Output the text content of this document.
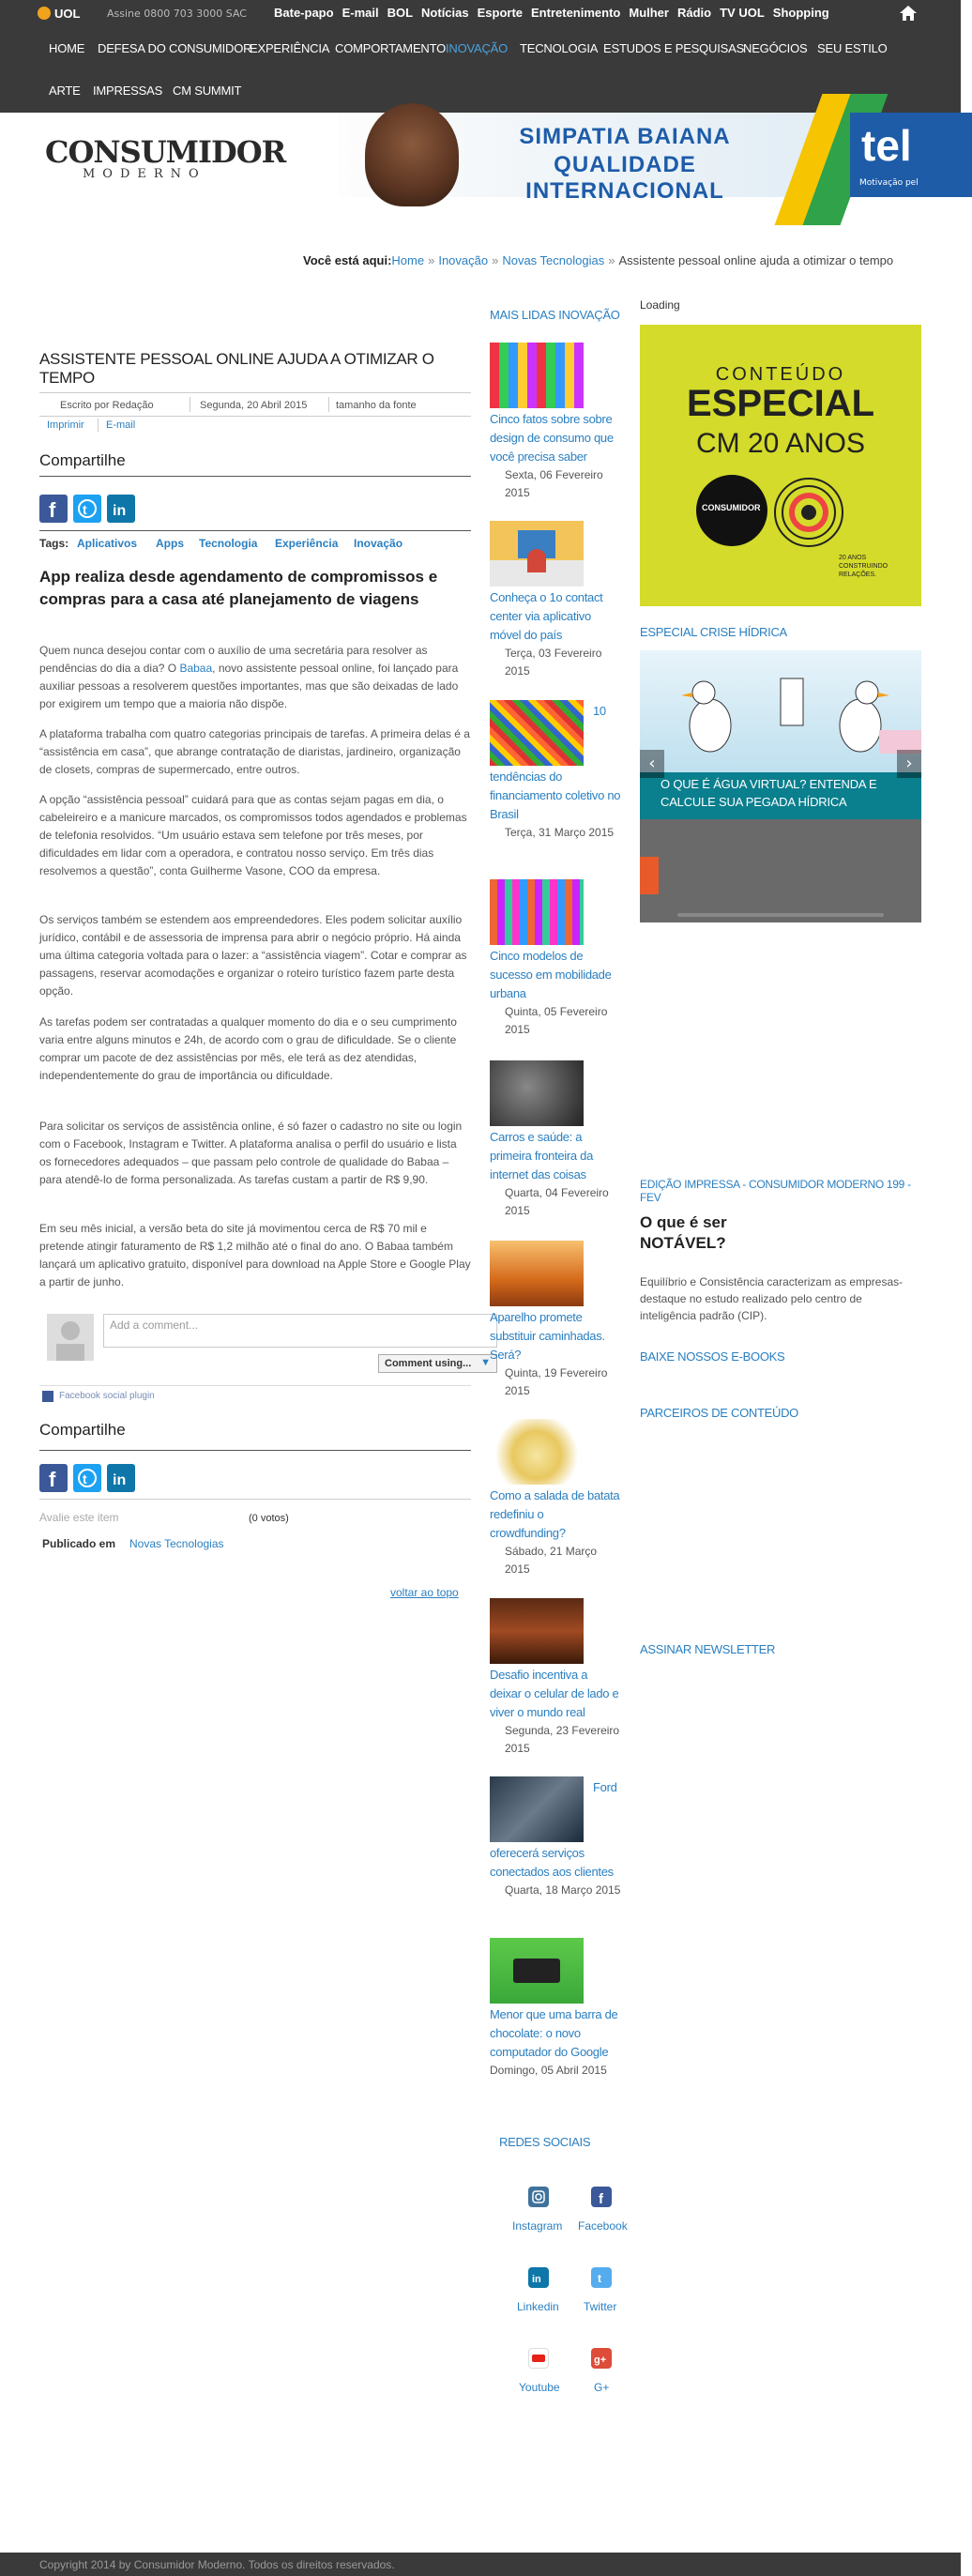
UOL	Assine 0800 703 3000 SAC Bate-papo E-mail BOL Notícias Esporte Entretenimento Mulher Rádio TV UOL Shopping
HOME DEFESA DO CONSUMIDOR
EXPERIÊNCIA COMPORTAMENTO INOVAÇÃO TECNOLOGIA ESTUDOS E PESQUISAS
NEGÓCIOS SEU ESTILO
ARTE IMPRESSAS CM SUMMIT
CONSUMIDOR
MODERNO
SIMPATIA BAIANA
QUALIDADE INTERNACIONAL
tel
Motivação pel
Você está aqui:Home » Inovação » Novas Tecnologias » Assistente pessoal online ajuda a otimizar o tempo
ASSISTENTE PESSOAL ONLINE AJUDA A OTIMIZAR O TEMPO
Escrito por Redação	Segunda, 20 Abril 2015	tamanho da fonte
Imprimir E-mail
Compartilhe
f t in
Tags: Aplicativos Apps Tecnologia Experiência Inovação
App realiza desde agendamento de compromissos e compras para a casa até planejamento de viagens
Quem nunca desejou contar com o auxílio de uma secretária para resolver as pendências do dia a dia? O Babaa, novo assistente pessoal online, foi lançado para auxiliar pessoas a resolverem questões importantes, mas que são deixadas de lado por exigirem um tempo que a maioria não dispõe.
A plataforma trabalha com quatro categorias principais de tarefas. A primeira delas é a “assistência em casa”, que abrange contratação de diaristas, jardineiro, organização de closets, compras de supermercado, entre outros.
A opção “assistência pessoal” cuidará para que as contas sejam pagas em dia, o cabeleireiro e a manicure marcados, os compromissos todos agendados e problemas de telefonia resolvidos. “Um usuário estava sem telefone por três meses, por dificuldades em lidar com a operadora, e contratou nosso serviço. Em três dias resolvemos a questão”, conta Guilherme Vasone, COO da empresa.
Os serviços também se estendem aos empreendedores. Eles podem solicitar auxílio jurídico, contábil e de assessoria de imprensa para abrir o negócio próprio. Há ainda uma última categoria voltada para o lazer: a “assistência viagem”. Cotar e comprar as passagens, reservar acomodações e organizar o roteiro turístico fazem parte desta opção.
As tarefas podem ser contratadas a qualquer momento do dia e o seu cumprimento varia entre alguns minutos e 24h, de acordo com o grau de dificuldade. Se o cliente comprar um pacote de dez assistências por mês, ele terá as dez atendidas, independentemente do grau de importância ou dificuldade.
Para solicitar os serviços de assistência online, é só fazer o cadastro no site ou login com o Facebook, Instagram e Twitter. A plataforma analisa o perfil do usuário e lista os fornecedores adequados – que passam pelo controle de qualidade do Babaa – para atendê-lo de forma personalizada. As tarefas custam a partir de R$ 9,90.
Em seu mês inicial, a versão beta do site já movimentou cerca de R$ 70 mil e pretende atingir faturamento de R$ 1,2 milhão até o final do ano. O Babaa também lançará um aplicativo gratuito, disponível para download na Apple Store e Google Play a partir de junho.
Add a comment...
Comment using... ▼
Facebook social plugin
Compartilhe
f t in
Avalie este item	(0 votos)
Publicado em Novas Tecnologias
voltar ao topo
MAIS LIDAS INOVAÇÃO
Cinco fatos sobre sobre design de consumo que você precisa saber
Sexta, 06 Fevereiro 2015
Conheça o 1o contact center via aplicativo móvel do país
Terça, 03 Fevereiro 2015
10
tendências do financiamento coletivo no Brasil
Terça, 31 Março 2015
Cinco modelos de sucesso em mobilidade urbana
Quinta, 05 Fevereiro 2015
Carros e saúde: a primeira fronteira da internet das coisas
Quarta, 04 Fevereiro 2015
Aparelho promete substituir caminhadas. Será?
Quinta, 19 Fevereiro 2015
Como a salada de batata redefiniu o crowdfunding?
Sábado, 21 Março 2015
Desafio incentiva a deixar o celular de lado e viver o mundo real
Segunda, 23 Fevereiro 2015
Ford
oferecerá serviços conectados aos clientes
Quarta, 18 Março 2015
Menor que uma barra de chocolate: o novo computador do Google
Domingo, 05 Abril 2015
REDES SOCIAIS
f
Instagram Facebook
in	t
Linkedin Twitter
g+
Youtube	G+
Loading
CONTEÚDO
ESPECIAL
CM 20 ANOS
CONSUMIDOR
20 ANOS CONSTRUINDO RELAÇÕES.
ESPECIAL CRISE HÍDRICA
O QUE É ÁGUA VIRTUAL? ENTENDA E CALCULE SUA PEGADA HÍDRICA
‹	›
EDIÇÃO IMPRESSA - CONSUMIDOR MODERNO 199 - FEV
O que é ser NOTÁVEL?
Equilíbrio e Consistência caracterizam as empresas-destaque no estudo realizado pelo centro de inteligência padrão (CIP).
BAIXE NOSSOS E-BOOKS
PARCEIROS DE CONTEÚDO
ASSINAR NEWSLETTER
Copyright 2014 by Consumidor Moderno. Todos os direitos reservados.
